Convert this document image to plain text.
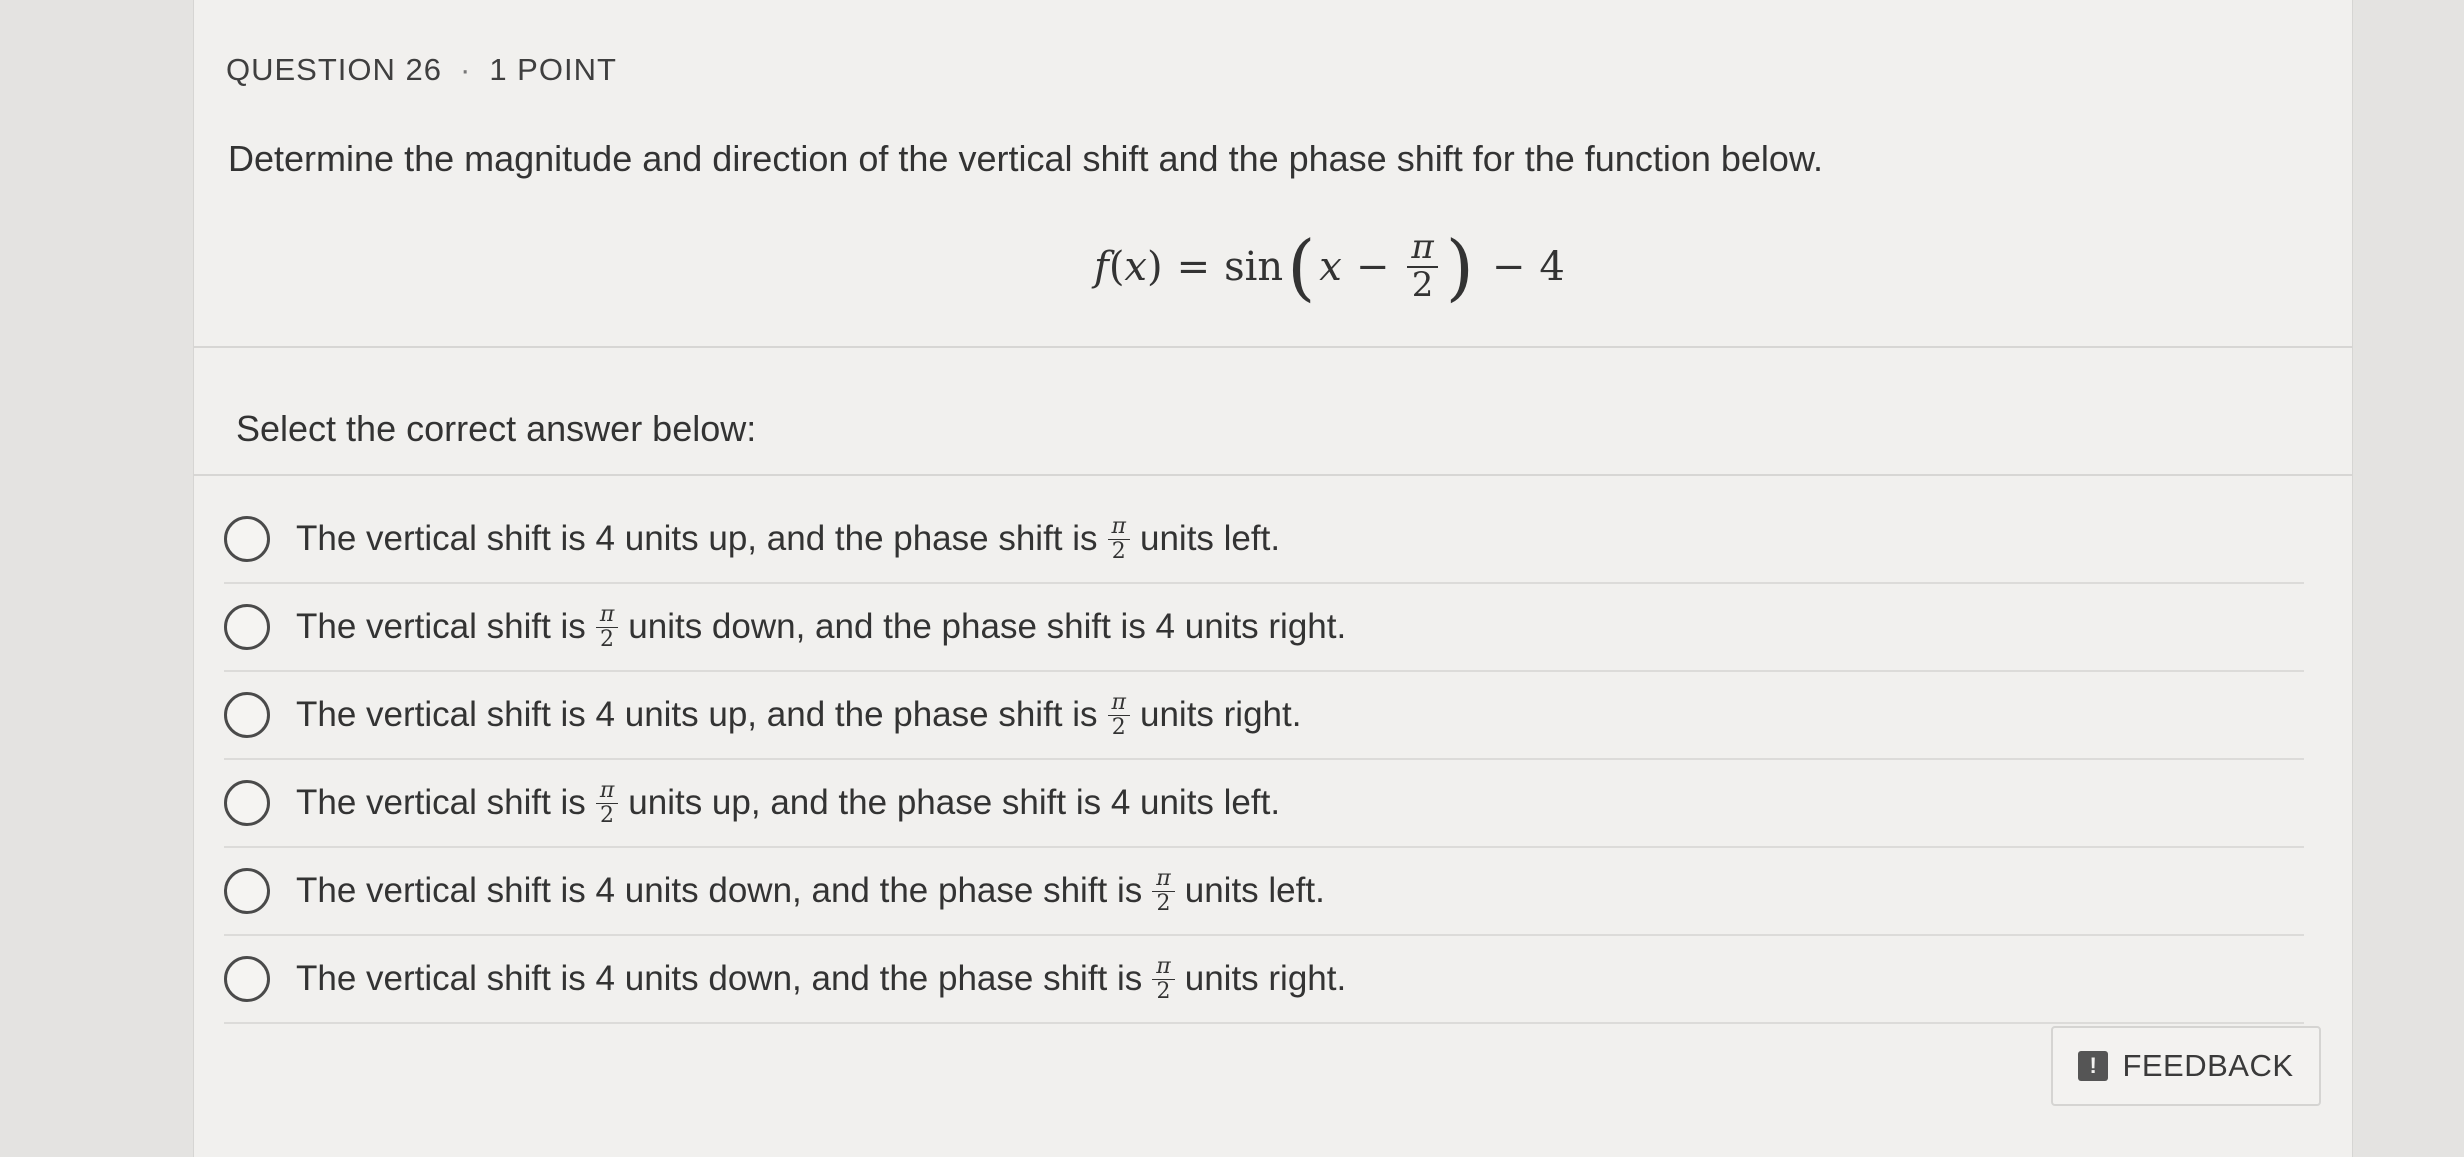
QUESTION 26 · 1 POINT
Determine the magnitude and direction of the vertical shift and the phase shift for the function below.
f ( x ) = sin ( $x - \frac{\pi}{2}$ ) − 4
Select the correct answer below:
The vertical shift is 4 units up, and the phase shift is $\frac{\pi}{2}$ units left.
The vertical shift is $\frac{\pi}{2}$ units down, and the phase shift is 4 units right.
The vertical shift is 4 units up, and the phase shift is $\frac{\pi}{2}$ units right.
The vertical shift is $\frac{\pi}{2}$ units up, and the phase shift is 4 units left.
The vertical shift is 4 units down, and the phase shift is $\frac{\pi}{2}$ units left.
The vertical shift is 4 units down, and the phase shift is $\frac{\pi}{2}$ units right.
!
FEEDBACK
